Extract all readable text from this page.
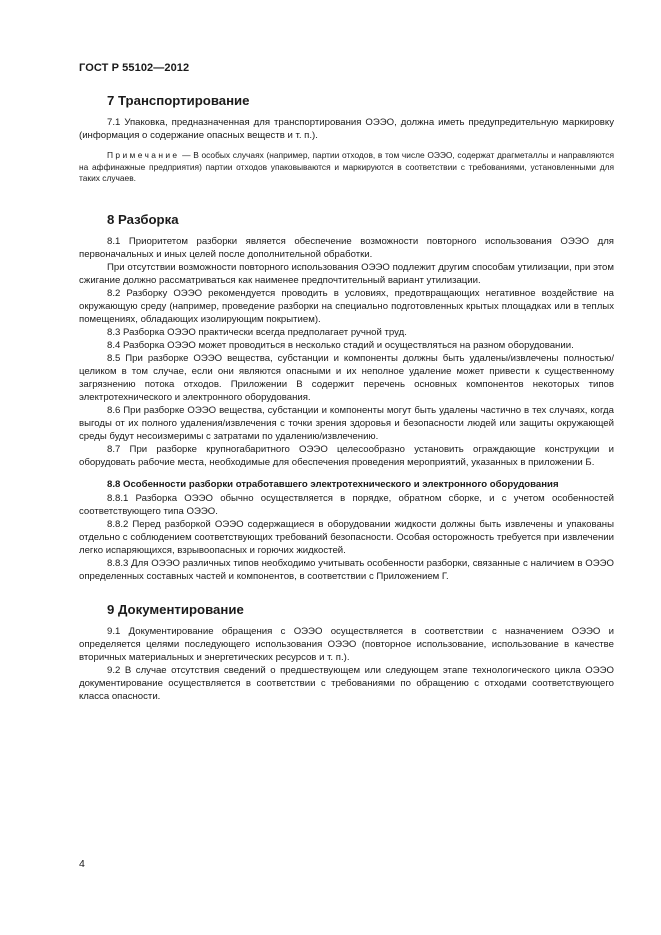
ГОСТ Р 55102—2012
7 Транспортирование

7.1 Упаковка, предназначенная для транспортирования ОЭЭО, должна иметь предупредительную маркировку (информация о содержание опасных веществ и т. п.).

Примечание — В особых случаях (например, партии отходов, в том числе ОЭЭО, содержат драгметаллы и направляются на аффинажные предприятия) партии отходов упаковываются и маркируются в соответствии с требованиями, установленными для таких случаев.

8 Разборка

8.1 Приоритетом разборки является обеспечение возможности повторного использования ОЭЭО для первоначальных и иных целей после дополнительной обработки.

При отсутствии возможности повторного использования ОЭЭО подлежит другим способам утилизации, при этом сжигание должно рассматриваться как наименее предпочтительный вариант утилизации.

8.2 Разборку ОЭЭО рекомендуется проводить в условиях, предотвращающих негативное воздействие на окружающую среду (например, проведение разборки на специально подготовленных крытых площадках или в теплых помещениях, обладающих изолирующим покрытием).

8.3 Разборка ОЭЭО практически всегда предполагает ручной труд.

8.4 Разборка ОЭЭО может проводиться в несколько стадий и осуществляться на разном оборудовании.

8.5 При разборке ОЭЭО вещества, субстанции и компоненты должны быть удалены/извлечены полностью/целиком в том случае, если они являются опасными и их неполное удаление может привести к существенному загрязнению потока отходов. Приложении В содержит перечень основных компонентов некоторых типов электротехнического и электронного оборудования.

8.6 При разборке ОЭЭО вещества, субстанции и компоненты могут быть удалены частично в тех случаях, когда выгоды от их полного удаления/извлечения с точки зрения здоровья и безопасности людей или защиты окружающей среды будут несоизмеримы с затратами по удалению/извлечению.

8.7 При разборке крупногабаритного ОЭЭО целесообразно установить ограждающие конструкции и оборудовать рабочие места, необходимые для обеспечения проведения мероприятий, указанных в приложении Б.

8.8 Особенности разборки отработавшего электротехнического и электронного оборудования

8.8.1 Разборка ОЭЭО обычно осуществляется в порядке, обратном сборке, и с учетом особенностей соответствующего типа ОЭЭО.

8.8.2 Перед разборкой ОЭЭО содержащиеся в оборудовании жидкости должны быть извлечены и упакованы отдельно с соблюдением соответствующих требований безопасности. Особая осторожность требуется при извлечении легко испаряющихся, взрывоопасных и горючих жидкостей.

8.8.3 Для ОЭЭО различных типов необходимо учитывать особенности разборки, связанные с наличием в ОЭЭО определенных составных частей и компонентов, в соответствии с Приложением Г.

9 Документирование

9.1 Документирование обращения с ОЭЭО осуществляется в соответствии с назначением ОЭЭО и определяется целями последующего использования ОЭЭО (повторное использование, использование в качестве вторичных материальных и энергетических ресурсов и т. п.).

9.2 В случае отсутствия сведений о предшествующем или следующем этапе технологического цикла ОЭЭО документирование осуществляется в соответствии с требованиями по обращению с отходами соответствующего класса опасности.

4
